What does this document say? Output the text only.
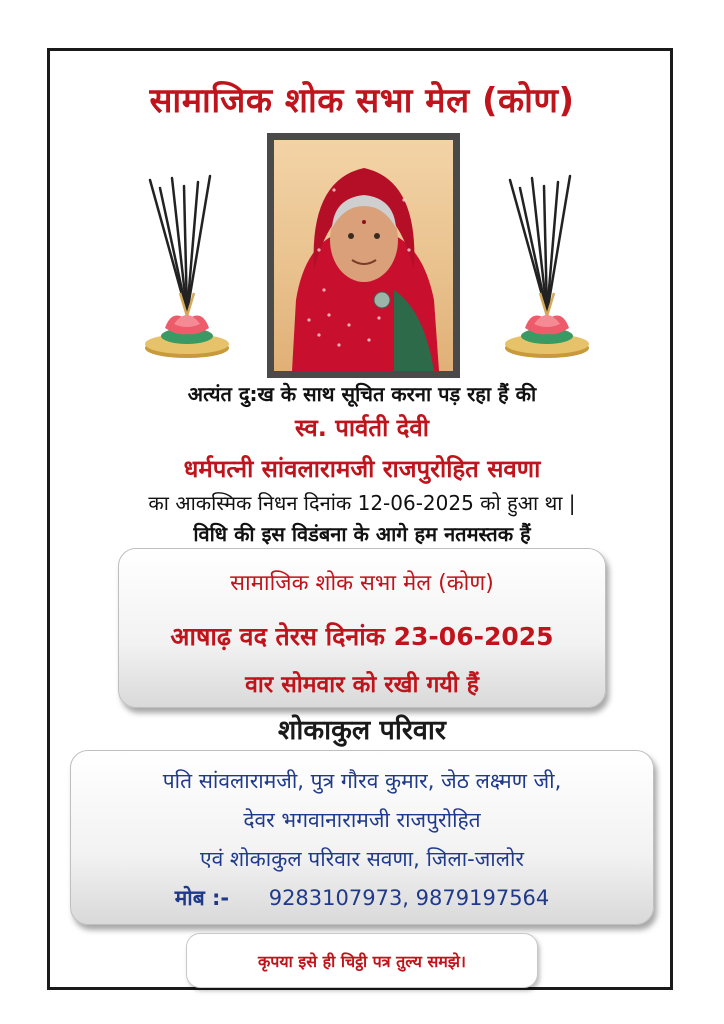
सामाजिक शोक सभा मेल (कोण)
अत्यंत दु:ख के साथ सूचित करना पड़ रहा हैं की
स्व. पार्वती देवी
धर्मपत्नी सांवलारामजी राजपुरोहित सवणा
का आकस्मिक निधन दिनांक 12-06-2025 को हुआ था |
विधि की इस विडंबना के आगे हम नतमस्तक हैं
सामाजिक शोक सभा मेल (कोण)
आषाढ़ वद तेरस दिनांक 23-06-2025
वार सोमवार को रखी गयी हैं
शोकाकुल परिवार
पति सांवलारामजी, पुत्र गौरव कुमार, जेठ लक्ष्मण जी,
देवर भगवानारामजी राजपुरोहित
एवं शोकाकुल परिवार सवणा, जिला-जालोर
मोब :- 9283107973, 9879197564
कृपया इसे ही चिट्ठी पत्र तुल्य समझे।
